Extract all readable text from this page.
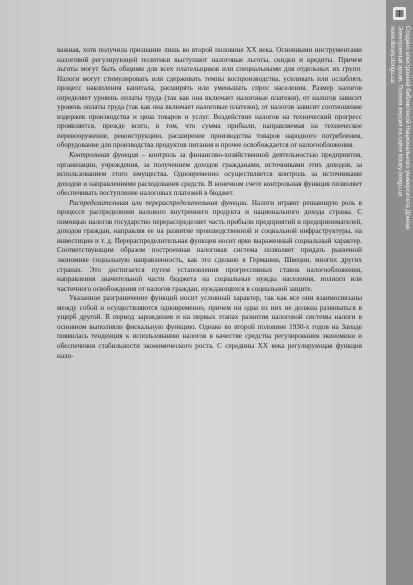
важная, хотя получила признание лишь во второй половине XX века. Основными инструментами налоговой регулирующей политики выступают налоговые льготы, скидки и кредиты. Причем льготы могут быть общими для всех плательщиков или специальными для отдельных их групп. Налоги могут стимулировать или сдерживать темпы воспроизводства, усиливать или ослаблять процесс накопления капитала, расширять или уменьшать спрос населения. Размер налогов определяет уровень оплаты труда (так как она включает налоговые платежи), от налогов зависит уровень оплаты труда (так как она включает налоговые платежи), от налогов зависит соотношение издержек производства и цена товаров и услуг. Воздействие налогов на технический прогресс проявляется, прежде всего, в том, что сумма прибыли, направляемая на техническое перевооружение, реконструкцию, расширение производства товаров народного потребления, оборудование для производства продуктов питания и прочее освобождается от налогообложения.

Контрольная функция – контроль за финансово-хозяйственной деятельностью предприятия, организации, учреждения, за получением доходов гражданами, источниками этих доходов, за использованием этого имущества. Одновременно осуществляется контроль за источниками доходов и направлениями расходования средств. В конечном счете контрольная функция позволяет обеспечивать поступление налоговых платежей в бюджет.

Распределительная или перераспределительная функции. Налоги играют решающую роль в процессе распределения валового внутреннего продукта и национального дохода страны. С помощью налогов государство перераспределяет часть прибыли предприятий и предпринимателей, доходов граждан, направляя ее на развитие производственной и социальной инфраструктуры, на инвестиции и т. д. Перераспределительная функция носит ярко выраженный социальный характер. Соответствующим образом построенная налоговая система позволяет придать рыночной экономике социальную направленность, как это сделано в Германии, Швеции, многих других странах. Это достигается путем установления прогрессивных ставок налогообложения, направления значительной части бюджета на социальные нужды населения, полного или частичного освобождения от налогов граждан, нуждающихся в социальной защите.

Указанное разграничение функций носит условный характер, так как все они взаимосвязаны между собой и осуществляются одновременно, причем ни одна из них не должна развиваться в ущерб другой. В период зарождения и на первых этапах развития налоговой системы налоги в основном выполняли фискальную функцию. Однако во второй половине 1930-х годов на Западе появилась тенденция к использованию налогов в качестве средства регулирования экономики и обеспечения стабильности экономического роста. С середины XX века регулирующая функция нало-

Создано электронной библиотекой Национального университета Донецк
Электронный архив. Полная версия на сайте library.dongu.ua
www.library.dongu.ua
